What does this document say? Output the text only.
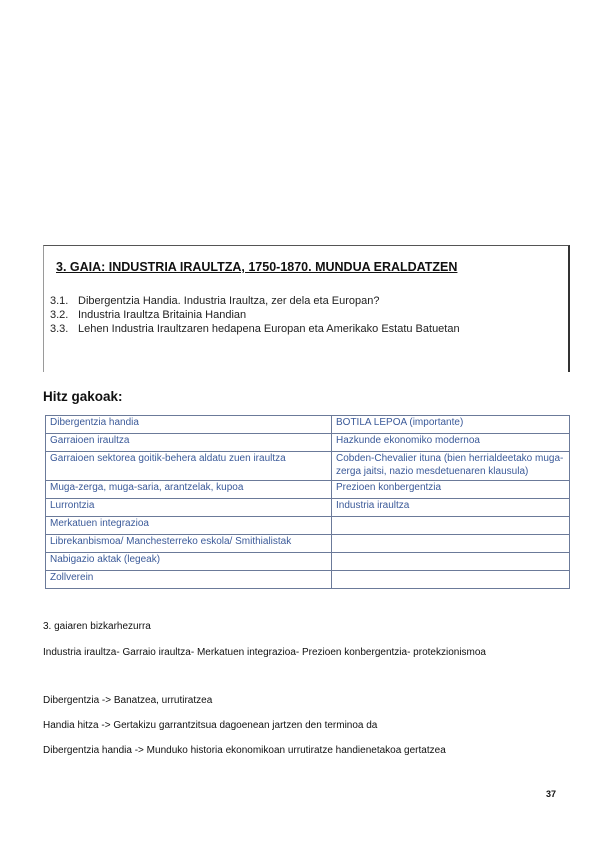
3. GAIA: INDUSTRIA IRAULTZA, 1750-1870. MUNDUA ERALDATZEN
3.1. Dibergentzia Handia. Industria Iraultza, zer dela eta Europan?
3.2. Industria Iraultza Britainia Handian
3.3. Lehen Industria Iraultzaren hedapena Europan eta Amerikako Estatu Batuetan
Hitz gakoak:
Dibergentzia handia	BOTILA LEPOA (importante)
Garraioen iraultza	Hazkunde ekonomiko modernoa
Garraioen sektorea goitik-behera aldatu zuen iraultza	Cobden-Chevalier ituna (bien herrialdeetako muga-zerga jaitsi, nazio mesdetuenaren klausula)
Muga-zerga, muga-saria, arantzelak, kupoa	Prezioen konbergentzia
Lurrontzia	Industria iraultza
Merkatuen integrazioa	
Librekanbismoa/ Manchesterreko eskola/ Smithialistak	
Nabigazio aktak (legeak)	
Zollverein	
3. gaiaren bizkarhezurra
Industria iraultza- Garraio iraultza- Merkatuen integrazioa- Prezioen konbergentzia- protekzionismoa
Dibergentzia -> Banatzea, urrutiratzea
Handia hitza -> Gertakizu garrantzitsua dagoenean jartzen den terminoa da
Dibergentzia handia -> Munduko historia ekonomikoan urrutiratze handienetakoa gertatzea
37
